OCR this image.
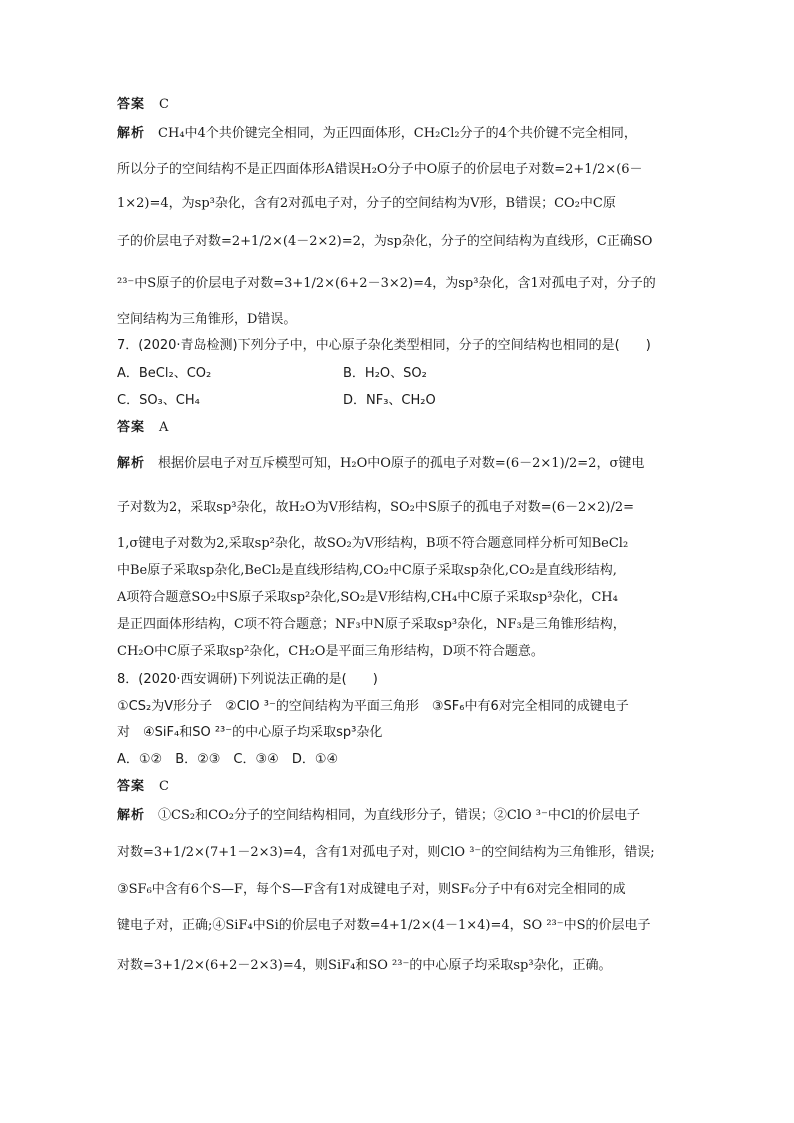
答案 C
解析　 CH₄中4个共价键完全相同，为正四面体形，CH₂Cl₂分子的4个共价键不完全相同，
所以分子的空间结构不是正四面体形A错误H₂O分子中O原子的价层电子对数=2+1/2×(6－
1×2)=4，为sp³杂化，含有2对孤电子对，分子的空间结构为V形，B错误；CO₂中C原
子的价层电子对数=2+1/2×(4－2×2)=2，为sp杂化，分子的空间结构为直线形，C正确SO
²³⁻中S原子的价层电子对数=3+1/2×(6+2－3×2)=4，为sp³杂化，含1对孤电子对，分子的
空间结构为三角锥形，D错误。
7．(2020·青岛检测)下列分子中，中心原子杂化类型相同，分子的空间结构也相同的是(　　)
A．BeCl₂、CO₂	B．H₂O、SO₂
C．SO₃、CH₄	D．NF₃、CH₂O
答案 A
解析　 根据价层电子对互斥模型可知，H₂O中O原子的孤电子对数=(6－2×1)/2=2，σ键电
子对数为2，采取sp³杂化，故H₂O为V形结构，SO₂中S原子的孤电子对数=(6－2×2)/2=
1,σ键电子对数为2,采取sp²杂化，故SO₂为V形结构，B项不符合题意同样分析可知BeCl₂
中Be原子采取sp杂化,BeCl₂是直线形结构,CO₂中C原子采取sp杂化,CO₂是直线形结构,
A项符合题意SO₂中S原子采取sp²杂化,SO₂是V形结构,CH₄中C原子采取sp³杂化，CH₄
是正四面体形结构，C项不符合题意；NF₃中N原子采取sp³杂化，NF₃是三角锥形结构，
CH₂O中C原子采取sp²杂化，CH₂O是平面三角形结构，D项不符合题意。
8．(2020·西安调研)下列说法正确的是(　　)
①CS₂为V形分子　②ClO ³⁻的空间结构为平面三角形　③SF₆中有6对完全相同的成键电子
对　④SiF₄和SO ²³⁻的中心原子均采取sp³杂化
A．①②　B．②③　C．③④　D．①④
答案 C
解析　 ①CS₂和CO₂分子的空间结构相同，为直线形分子，错误；②ClO ³⁻中Cl的价层电子
对数=3+1/2×(7+1－2×3)=4，含有1对孤电子对，则ClO ³⁻的空间结构为三角锥形，错误;
③SF₆中含有6个S—F，每个S—F含有1对成键电子对，则SF₆分子中有6对完全相同的成
键电子对，正确;④SiF₄中Si的价层电子对数=4+1/2×(4－1×4)=4，SO ²³⁻中S的价层电子
对数=3+1/2×(6+2－2×3)=4，则SiF₄和SO ²³⁻的中心原子均采取sp³杂化，正确。
